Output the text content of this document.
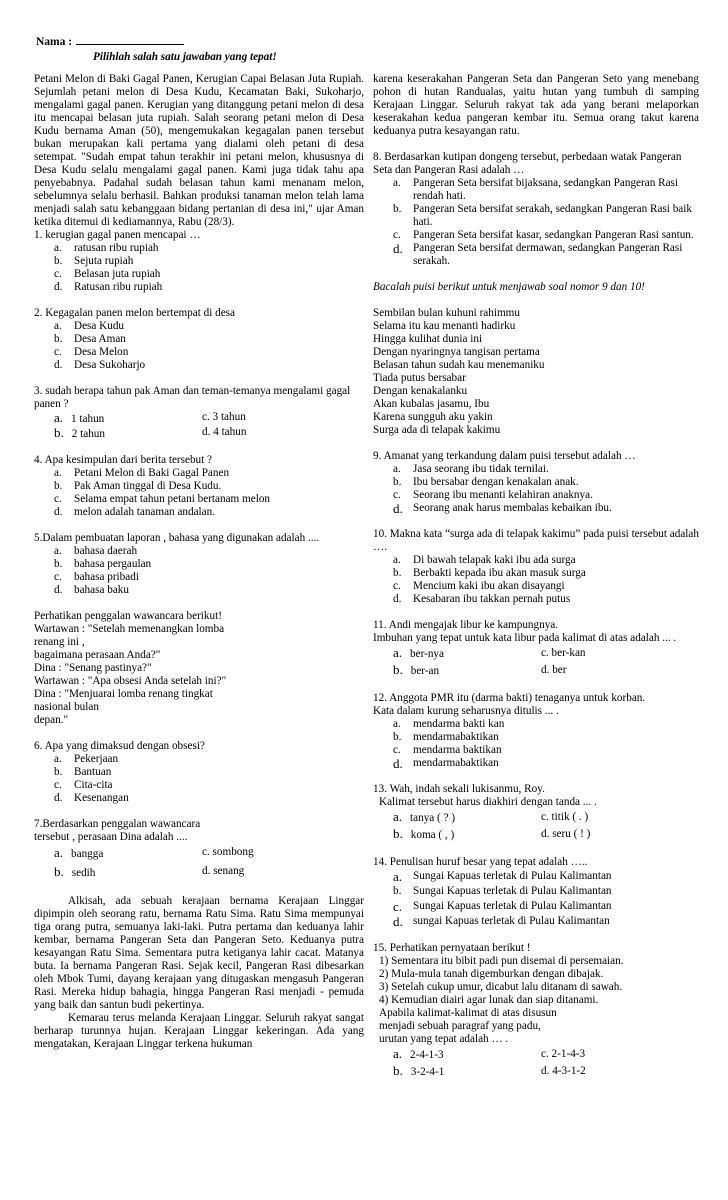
Nama :
Pilihlah salah satu jawaban yang tepat!

Petani Melon di Baki Gagal Panen, Kerugian Capai Belasan Juta Rupiah. Sejumlah petani melon di Desa Kudu, Kecamatan Baki, Sukoharjo, mengalami gagal panen. Kerugian yang ditanggung petani melon di desa itu mencapai belasan juta rupiah. Salah seorang petani melon di Desa Kudu bernama Aman (50), mengemukakan kegagalan panen tersebut bukan merupakan kali pertama yang dialami oleh petani di desa setempat. "Sudah empat tahun terakhir ini petani melon, khususnya di Desa Kudu selalu mengalami gagal panen. Kami juga tidak tahu apa penyebabnya. Padahal sudah belasan tahun kami menanam melon, sebelumnya selalu berhasil. Bahkan produksi tanaman melon telah lama menjadi salah satu kebanggaan bidang pertanian di desa ini," ujar Aman ketika ditemui di kediamannya, Rabu (28/3).

1. kerugian gagal panen mencapai …

a. ratusan ribu rupiah
b. Sejuta rupiah
c. Belasan juta rupiah
d. Ratusan ribu rupiah

2. Kegagalan panen melon bertempat di desa

a. Desa Kudu
b. Desa Aman
c. Desa Melon
d. Desa Sukoharjo

3. sudah berapa tahun pak Aman dan teman-temanya mengalami gagal panen ?

a. 1 tahun	c. 3 tahun
b. 2 tahun	d. 4 tahun

4. Apa kesimpulan dari berita tersebut ?

a. Petani Melon di Baki Gagal Panen
b. Pak Aman tinggal di Desa Kudu.
c. Selama empat tahun petani bertanam melon
d. melon adalah tanaman andalan.

5.Dalam pembuatan laporan , bahasa yang digunakan adalah ....

a. bahasa daerah
b. bahasa pergaulan
c. bahasa pribadi
d. bahasa baku

Perhatikan penggalan wawancara berikut!

Wartawan : "Setelah memenangkan lomba

renang ini ,

bagaimana perasaan Anda?"

Dina : "Senang pastinya?"

Wartawan : "Apa obsesi Anda setelah ini?"

Dina : "Menjuarai lomba renang tingkat

nasional bulan

depan."

6. Apa yang dimaksud dengan obsesi?

a. Pekerjaan
b. Bantuan
c. Cita-cita
d. Kesenangan

7.Berdasarkan penggalan wawancara

tersebut , perasaan Dina adalah ....

a. bangga	c. sombong
b. sedih	d. senang

Alkisah, ada sebuah kerajaan bernama Kerajaan Linggar dipimpin oleh seorang ratu, bernama Ratu Sima. Ratu Sima mempunyai tiga orang putra, semuanya laki-laki. Putra pertama dan keduanya lahir kembar, bernama Pangeran Seta dan Pangeran Seto. Keduanya putra kesayangan Ratu Sima. Sementara putra ketiganya lahir cacat. Matanya buta. Ia bernama Pangeran Rasi. Sejak kecil, Pangeran Rasi dibesarkan oleh Mbok Tumi, dayang kerajaan yang ditugaskan mengasuh Pangeran Rasi. Mereka hidup bahagia, hingga Pangeran Rasi menjadi - pemuda yang baik dan santun budi pekertinya.

Kemarau terus melanda Kerajaan Linggar. Seluruh rakyat sangat berharap turunnya hujan. Kerajaan Linggar kekeringan. Ada yang mengatakan, Kerajaan Linggar terkena hukuman

karena keserakahan Pangeran Seta dan Pangeran Seto yang menebang pohon di hutan Randualas, yaitu hutan yang tumbuh di samping Kerajaan Linggar. Seluruh rakyat tak ada yang berani melaporkan keserakahan kedua pangeran kembar itu. Semua orang takut karena keduanya putra kesayangan ratu.

8. Berdasarkan kutipan dongeng tersebut, perbedaan watak Pangeran Seta dan Pangeran Rasi adalah …

a. Pangeran Seta bersifat bijaksana, sedangkan Pangeran Rasi rendah hati.
b. Pangeran Seta bersifat serakah, sedangkan Pangeran Rasi baik hati.
c. Pangeran Seta bersifat kasar, sedangkan Pangeran Rasi santun.
d. Pangeran Seta bersifat dermawan, sedangkan Pangeran Rasi serakah.

Bacalah puisi berikut untuk menjawab soal nomor 9 dan 10!

Sembilan bulan kuhuni rahimmu

Selama itu kau menanti hadirku

Hingga kulihat dunia ini

Dengan nyaringnya tangisan pertama

Belasan tahun sudah kau menemaniku

Tiada putus bersabar

Dengan kenakalanku

Akan kubalas jasamu, Ibu

Karena sungguh aku yakin

Surga ada di telapak kakimu

9. Amanat yang terkandung dalam puisi tersebut adalah …

a. Jasa seorang ibu tidak ternilai.
b. Ibu bersabar dengan kenakalan anak.
c. Seorang ibu menanti kelahiran anaknya.
d. Seorang anak harus membalas kebaikan ibu.

10. Makna kata “surga ada di telapak kakimu” pada puisi tersebut adalah ….

a. Di bawah telapak kaki ibu ada surga
b. Berbakti kepada ibu akan masuk surga
c. Mencium kaki ibu akan disayangi
d. Kesabaran ibu takkan pernah putus

11. Andi mengajak libur ke kampungnya.

Imbuhan yang tepat untuk kata libur pada kalimat di atas adalah ... .

a. ber-nya	c. ber-kan
b. ber-an	d. ber

12. Anggota PMR itu (darma bakti) tenaganya untuk korban.

Kata dalam kurung seharusnya ditulis ... .

a. mendarma bakti kan
b. mendarmabaktikan
c. mendarma baktikan
d. mendarmabaktikan

13. Wah, indah sekali lukisanmu, Roy.

Kalimat tersebut harus diakhiri dengan tanda ... .

a. tanya ( ? )	c. titik ( . )
b. koma ( , )	d. seru ( ! )

14. Penulisan huruf besar yang tepat adalah …..

a. Sungai Kapuas terletak di Pulau Kalimantan
b. Sungai Kapuas terletak di Pulau Kalimantan
c. Sungai Kapuas terletak di Pulau Kalimantan
d. sungai Kapuas terletak di Pulau Kalimantan

15. Perhatikan pernyataan berikut !

1) Sementara itu bibit padi pun disemai di persemaian.

2) Mula-mula tanah digemburkan dengan dibajak.

3) Setelah cukup umur, dicabut lalu ditanam di sawah.

4) Kemudian diairi agar lunak dan siap ditanami.

Apabila kalimat-kalimat di atas disusun

menjadi sebuah paragraf yang padu,

urutan yang tepat adalah … .

a. 2-4-1-3	c. 2-1-4-3
b. 3-2-4-1	d. 4-3-1-2
